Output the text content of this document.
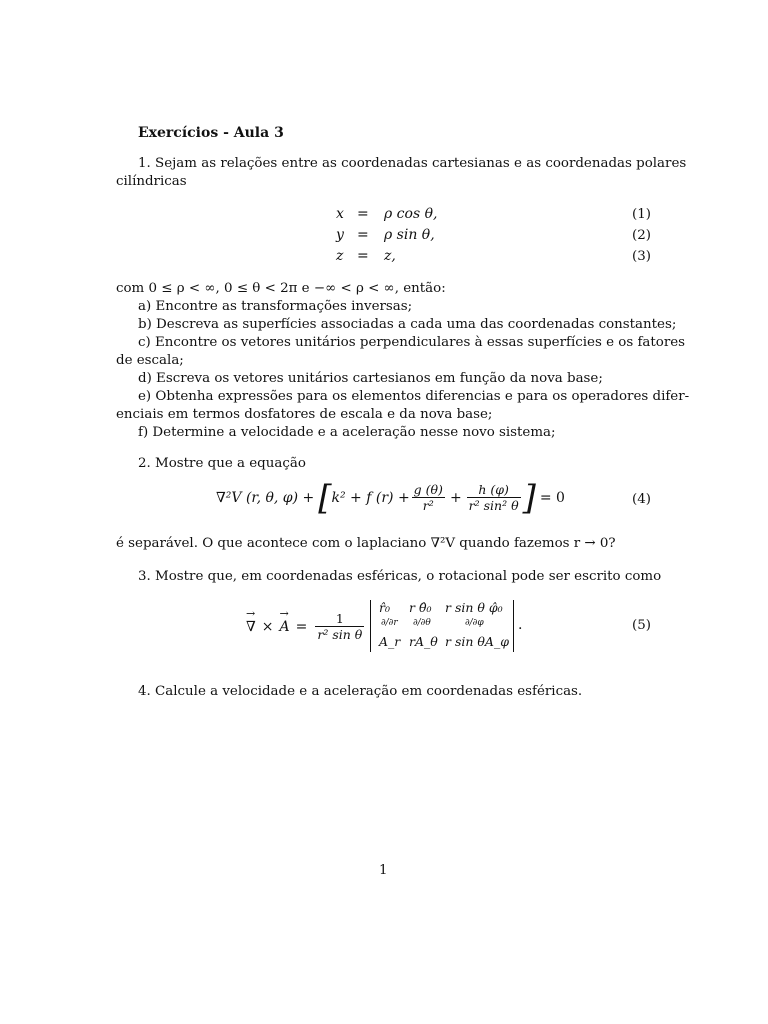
Exercícios - Aula 3
1. Sejam as relações entre as coordenadas cartesianas e as coordenadas polares
cilíndricas
x = ρ cos θ,	(1)
y = ρ sin θ,	(2)
z = z,	(3)
com 0 ≤ ρ < ∞, 0 ≤ θ < 2π e −∞ < ρ < ∞, então:
a) Encontre as transformações inversas;
b) Descreva as superfícies associadas a cada uma das coordenadas constantes;
c) Encontre os vetores unitários perpendiculares à essas superfícies e os fatores
de escala;
d) Escreva os vetores unitários cartesianos em função da nova base;
e) Obtenha expressões para os elementos diferencias e para os operadores difer-
enciais em termos dosfatores de escala e da nova base;
f) Determine a velocidade e a aceleração nesse novo sistema;
2. Mostre que a equação
∇²V (r, θ, φ) + [ k² + f $(r) + \frac{g (\theta)}{\text{r²}} + \frac{h (\varphi)}{\text{r² sin² θ}}$ ] = 0	(4)
é separável. O que acontece com o laplaciano ∇²V quando fazemos r → 0?
3. Mostre que, em coordenadas esféricas, o rotacional pode ser escrito como
→ ∇ ×
→ $A = \frac{1}{\text{r² sin θ}}$
r̂₀ r θ̂₀ r sin θ φ̂₀
∂/∂r ∂/∂θ	∂/∂φ
A_r rA_θ r sin θA_φ
.	(5)
4. Calcule a velocidade e a aceleração em coordenadas esféricas.
1
